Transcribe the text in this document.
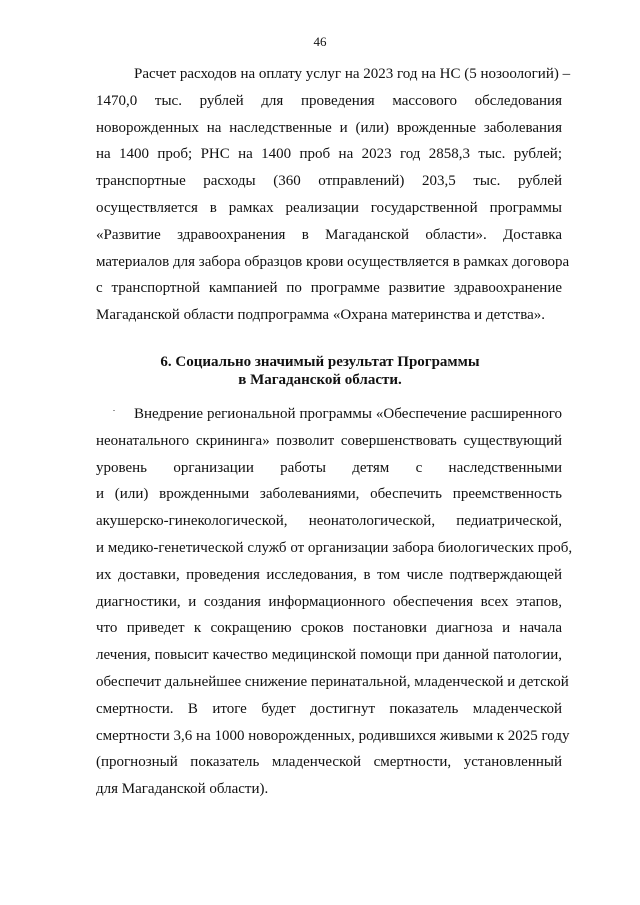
46
Расчет расходов на оплату услуг на 2023 год на НС (5 нозоологий) –
1470,0 тыс. рублей для проведения массового обследования
новорожденных на наследственные и (или) врожденные заболевания
на 1400 проб; РНС на 1400 проб на 2023 год 2858,3 тыс. рублей;
транспортные расходы (360 отправлений) 203,5 тыс. рублей
осуществляется в рамках реализации государственной программы
«Развитие здравоохранения в Магаданской области». Доставка
материалов для забора образцов крови осуществляется в рамках договора
с транспортной кампанией по программе развитие здравоохранение
Магаданской области подпрограмма «Охрана материнства и детства».
6. Социально значимый результат Программы
в Магаданской области.
Внедрение региональной программы «Обеспечение расширенного
неонатального скрининга» позволит совершенствовать существующий
уровень организации работы детям с наследственными
и (или) врожденными заболеваниями, обеспечить преемственность
акушерско-гинекологической, неонатологической, педиатрической,
и медико-генетической служб от организации забора биологических проб,
их доставки, проведения исследования, в том числе подтверждающей
диагностики, и создания информационного обеспечения всех этапов,
что приведет к сокращению сроков постановки диагноза и начала
лечения, повысит качество медицинской помощи при данной патологии,
обеспечит дальнейшее снижение перинатальной, младенческой и детской
смертности. В итоге будет достигнут показатель младенческой
смертности 3,6 на 1000 новорожденных, родившихся живыми к 2025 году
(прогнозный показатель младенческой смертности, установленный
для Магаданской области).
